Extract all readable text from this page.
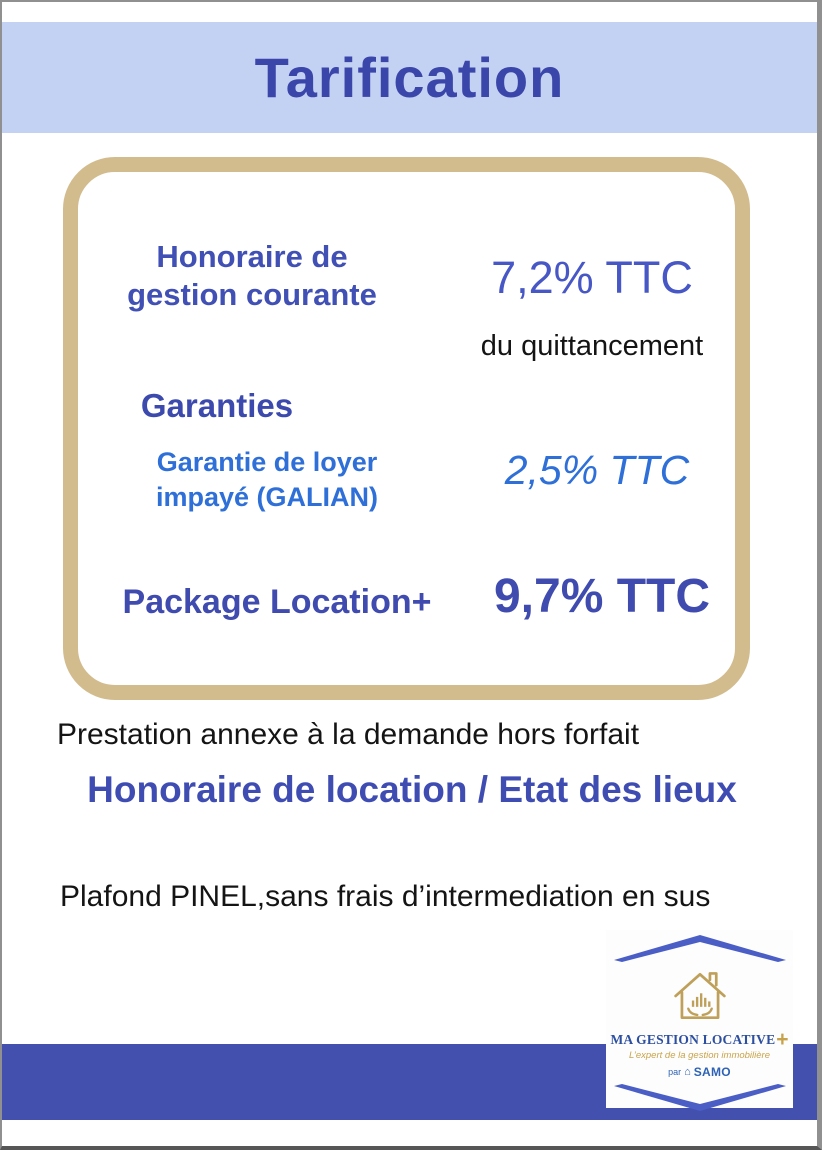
Tarification
Honoraire de gestion courante	7,2% TTC
du quittancement
Garanties
Garantie de loyer impayé (GALIAN)
2,5% TTC
Package Location+	9,7% TTC
Prestation annexe à la demande hors forfait
Honoraire de location / Etat des lieux
Plafond PINEL,sans frais d’intermediation en sus
MA GESTION LOCATIVE +
L’expert de la gestion immobilière
par ⌂ SAMO
